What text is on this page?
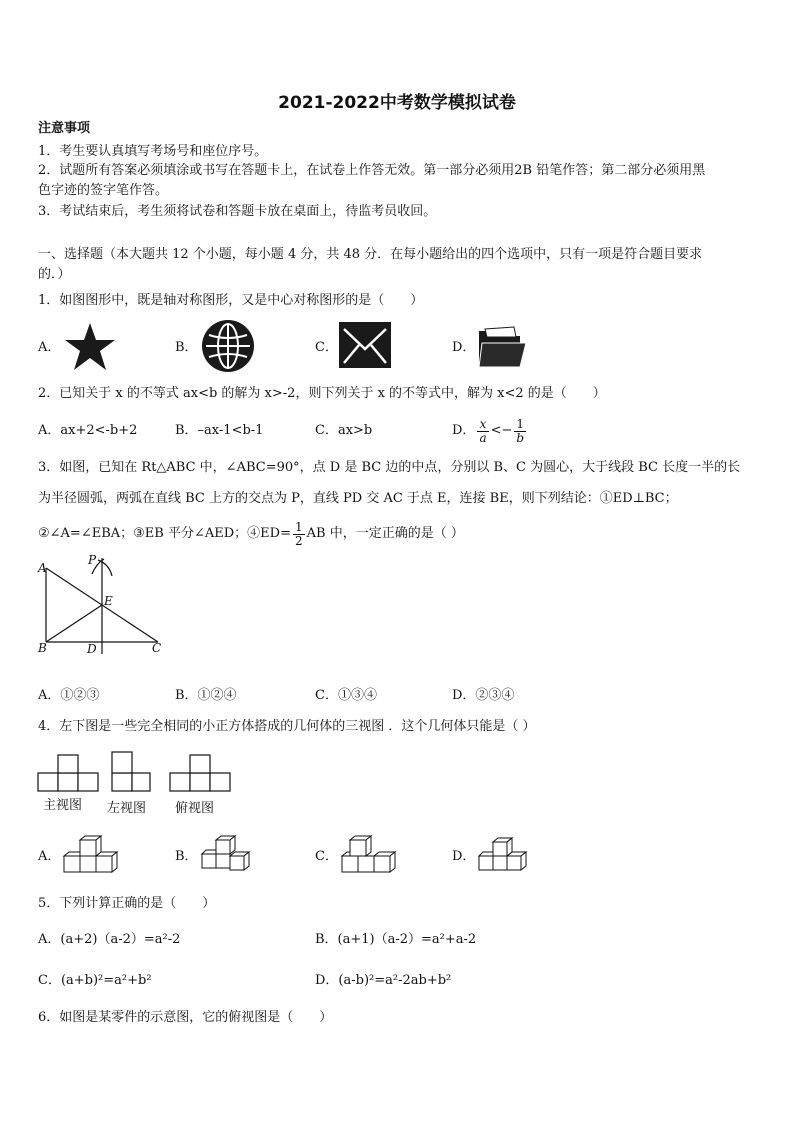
2021-2022中考数学模拟试卷
注意事项
1．考生要认真填写考场号和座位序号。
2．试题所有答案必须填涂或书写在答题卡上，在试卷上作答无效。第一部分必须用2B 铅笔作答；第二部分必须用黑
色字迹的签字笔作答。
3．考试结束后，考生须将试卷和答题卡放在桌面上，待监考员收回。
一、选择题（本大题共 12 个小题，每小题 4 分，共 48 分．在每小题给出的四个选项中，只有一项是符合题目要求
的．）
1．如图图形中，既是轴对称图形，又是中心对称图形的是（　　）
A．	B．	C．	D．
2．已知关于 x 的不等式 ax<b 的解为 x>-2，则下列关于 x 的不等式中，解为 x<2 的是（　　）
A．ax+2<-b+2	B．–ax-1<b-1	C．ax>b	D． $\frac{x}{a} <- \frac{1}{b}$
3．如图，已知在 Rt△ABC 中，∠ABC=90°，点 D 是 BC 边的中点，分别以 B、C 为圆心，大于线段 BC 长度一半的长
为半径圆弧，两弧在直线 BC 上方的交点为 P，直线 PD 交 AC 于点 E，连接 BE，则下列结论：①ED⊥BC；
②∠A=∠EBA；③EB 平分∠AED；④ED= $\frac{1}{2}$ AB 中，一定正确的是（ ）
A
P
E
B	D	C
A．①②③	B．①②④	C．①③④	D．②③④
4．左下图是一些完全相同的小正方体搭成的几何体的三视图 ．这个几何体只能是（ ）
主视图 左视图 俯视图
A．	B．	C．	D．
5．下列计算正确的是（　　）
A．(a+2)（a-2）=a²-2	B．(a+1)（a-2）=a²+a-2
C．(a+b)²=a²+b²	D．(a-b)²=a²-2ab+b²
6．如图是某零件的示意图，它的俯视图是（　　）
